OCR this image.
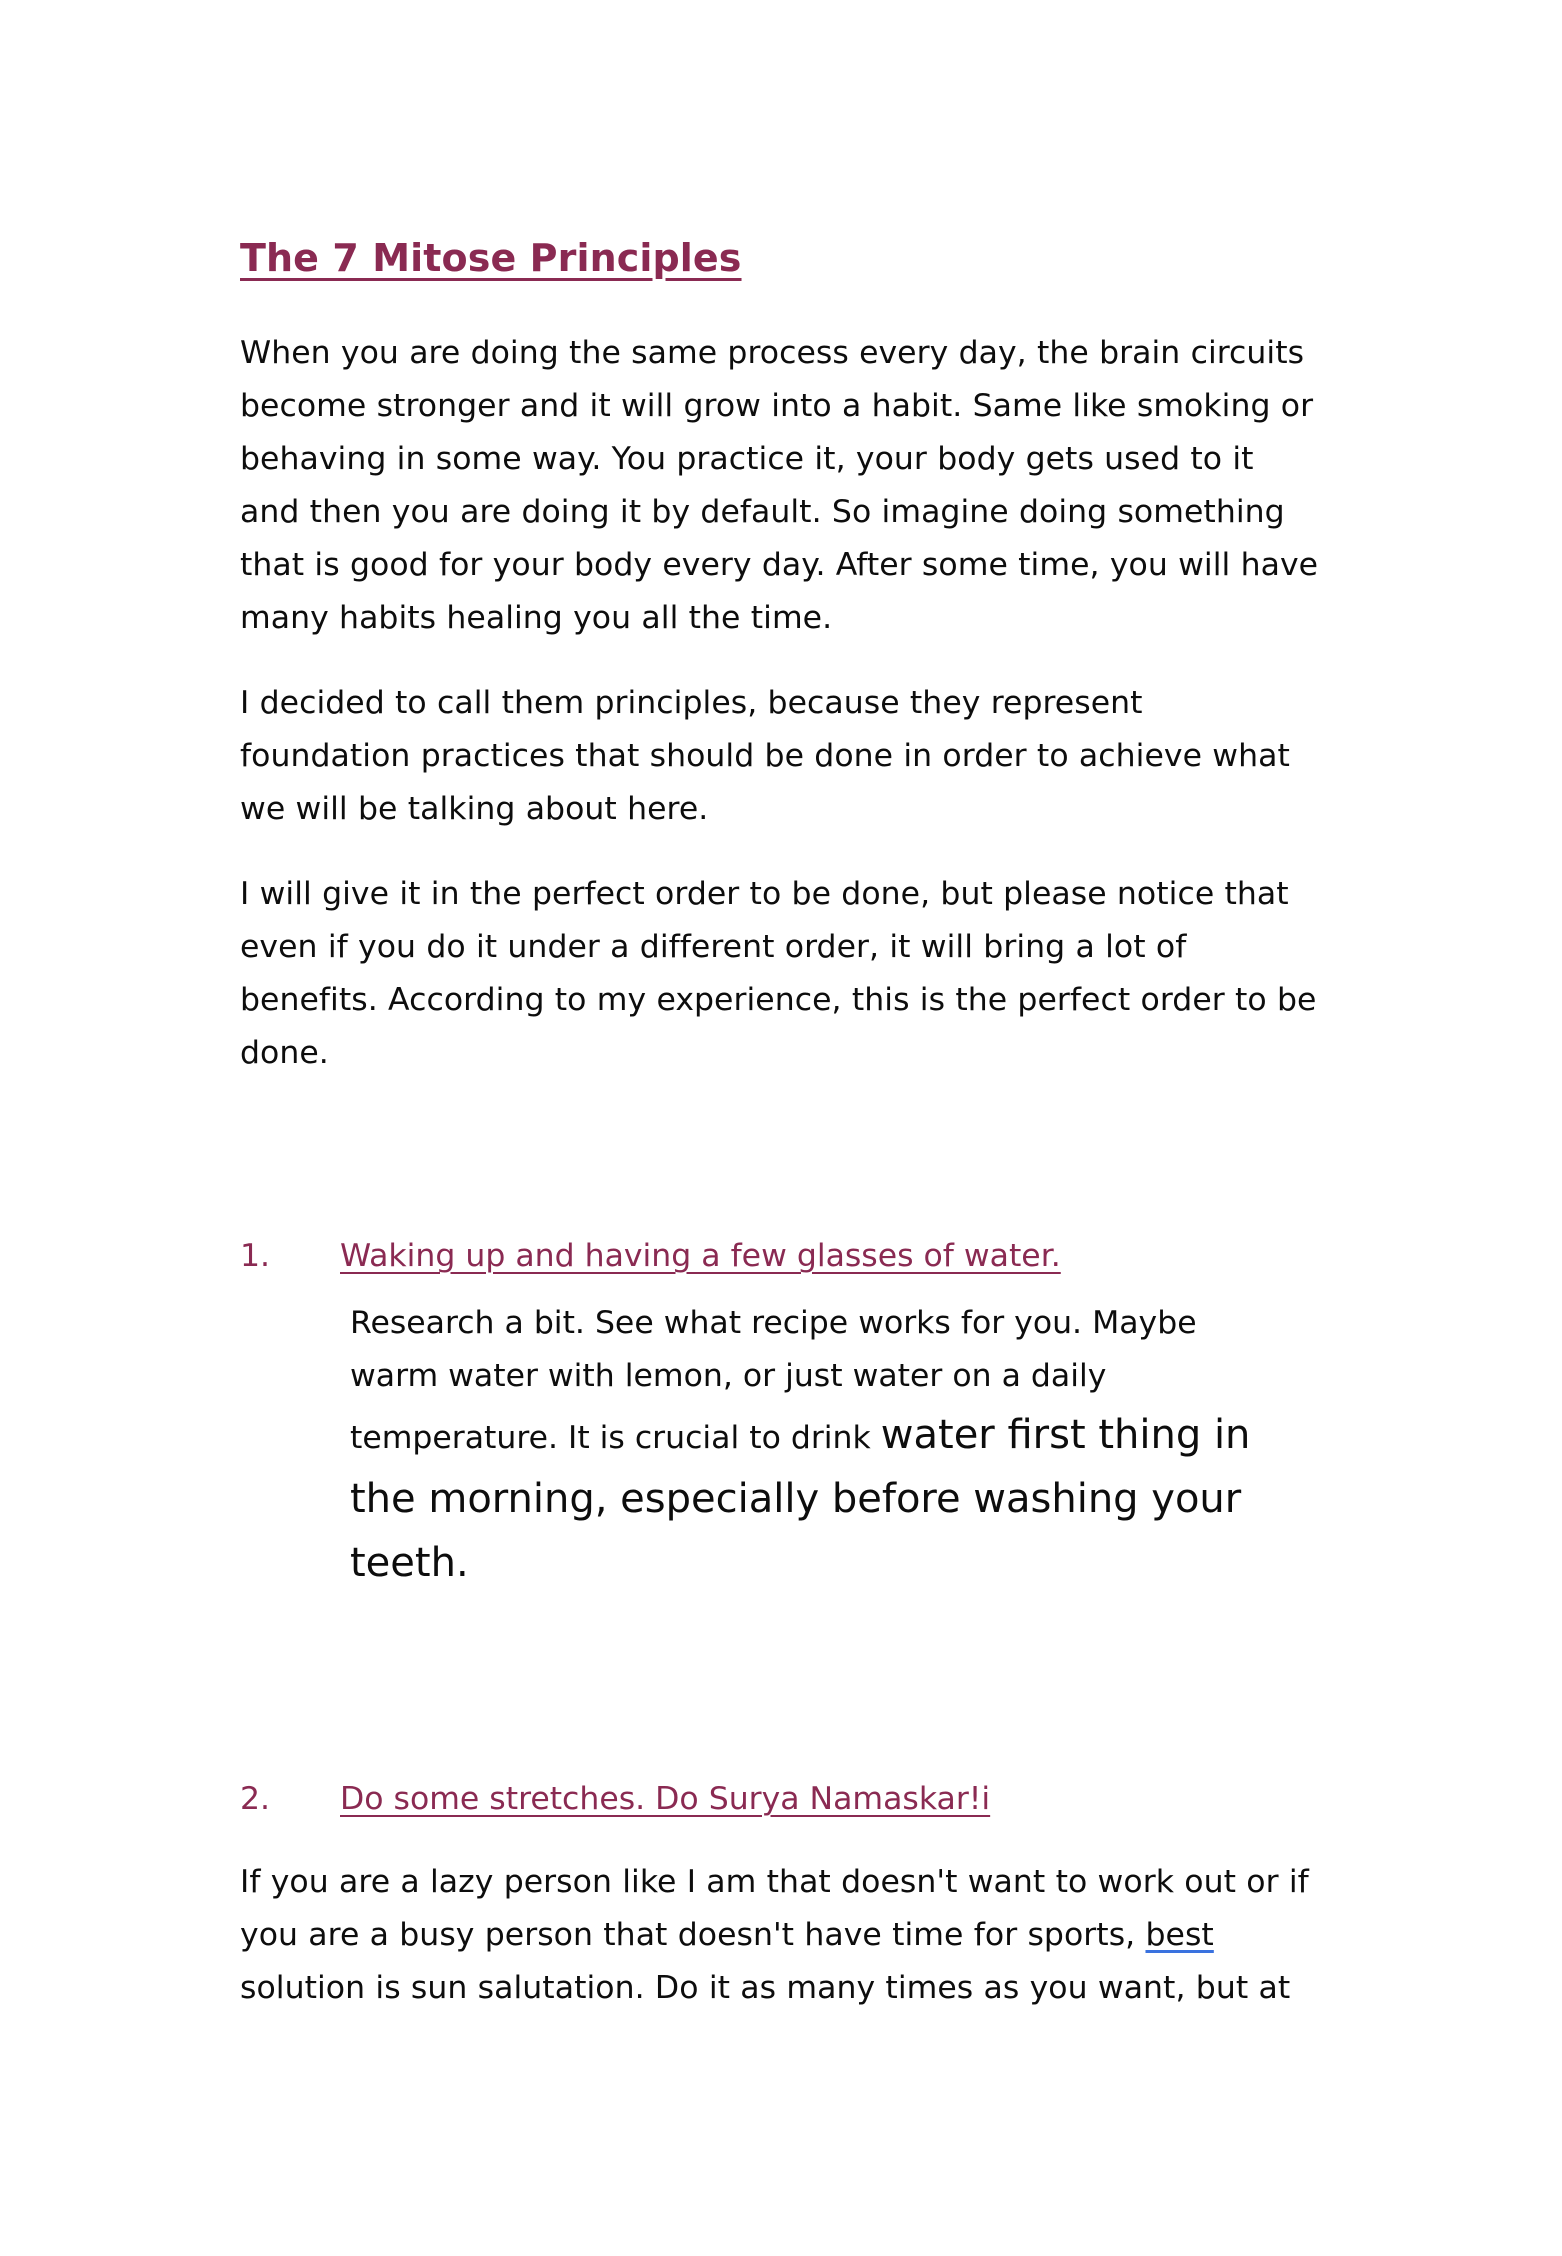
The 7 Mitose Principles

When you are doing the same process every day, the brain circuits become stronger and it will grow into a habit. Same like smoking or behaving in some way. You practice it, your body gets used to it and then you are doing it by default. So imagine doing something that is good for your body every day. After some time, you will have many habits healing you all the time.

I decided to call them principles, because they represent foundation practices that should be done in order to achieve what we will be talking about here.

I will give it in the perfect order to be done, but please notice that even if you do it under a different order, it will bring a lot of benefits. According to my experience, this is the perfect order to be done.

1.	Waking up and having a few glasses of water.

Research a bit. See what recipe works for you. Maybe warm water with lemon, or just water on a daily temperature. It is crucial to drink water first thing in the morning, especially before washing your teeth.

2.	Do some stretches. Do Surya Namaskar!i

If you are a lazy person like I am that doesn't want to work out or if you are a busy person that doesn't have time for sports, best solution is sun salutation. Do it as many times as you want, but at
